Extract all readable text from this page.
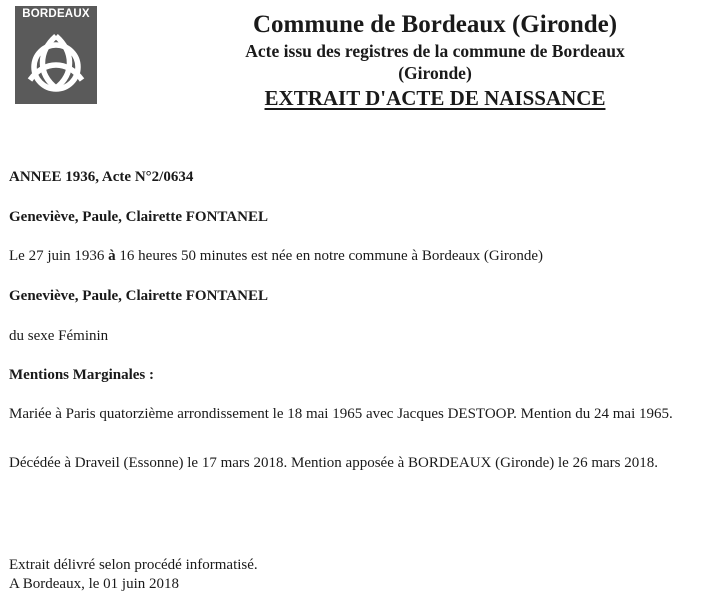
BORDEAUX	Commune de Bordeaux (Gironde)
Acte issu des registres de la commune de Bordeaux
(Gironde)
EXTRAIT D'ACTE DE NAISSANCE

ANNEE 1936, Acte N°2/0634

Geneviève, Paule, Clairette FONTANEL

Le 27 juin 1936 à 16 heures 50 minutes est née en notre commune à Bordeaux (Gironde)

Geneviève, Paule, Clairette FONTANEL

du sexe Féminin

Mentions Marginales :

Mariée à Paris quatorzième arrondissement le 18 mai 1965 avec Jacques DESTOOP. Mention du 24 mai 1965.

Décédée à Draveil (Essonne) le 17 mars 2018. Mention apposée à BORDEAUX (Gironde) le 26 mars 2018.

Extrait délivré selon procédé informatisé.
A Bordeaux, le 01 juin 2018
